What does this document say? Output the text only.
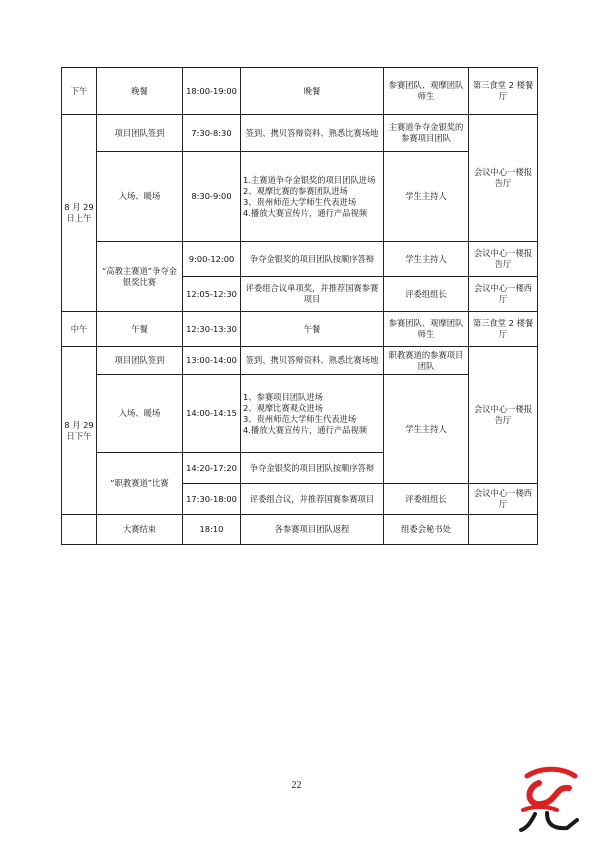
下午	晚餐	18:00-19:00	晚餐	参赛团队、观摩团队师生	第三食堂 2 楼餐厅
8 月 29 日上午	项目团队签到	7:30-8:30	签到、携贝答辩资料、熟悉比赛场地	主赛道争夺金银奖的参赛项目团队	会议中心一楼报告厅
	入场、暖场	8:30-9:00	1.主赛道争夺金银奖的项目团队进场
2、观摩比赛的参赛团队进场
3、贵州师范大学师生代表进场
4.播放大赛宣传片，通行产品视频	学生主持人	
	“高教主赛道”争夺金银奖比赛	9:00-12:00	争夺金银奖的项目团队按顺序答辩	学生主持人	会议中心一楼报告厅
		12:05-12:30	评委组合议单项奖，并推荐国赛参赛项目	评委组组长	会议中心一楼西厅
中午	午餐	12:30-13:30	午餐	参赛团队、观摩团队师生	第三食堂 2 楼餐厅
8 月 29 日下午	项目团队签到	13:00-14:00	签到、携贝答辩资料、熟悉比赛场地	职教赛道的参赛项目团队	会议中心一楼报告厅
	入场、暖场	14:00-14:15	1、参赛项目团队进场
2、观摩比赛观众进场
3、贵州师范大学师生代表进场
4.播放大赛宣传片，通行产品视频	学生主持人	
	“职教赛道”比赛	14:20-17:20	争夺金银奖的项目团队按顺序答辩		
		17:30-18:00	评委组合议，并推荐国赛参赛项目	评委组组长	会议中心一楼西厅
	大赛结束	18:10	各参赛项目团队返程	组委会秘书处	
22
